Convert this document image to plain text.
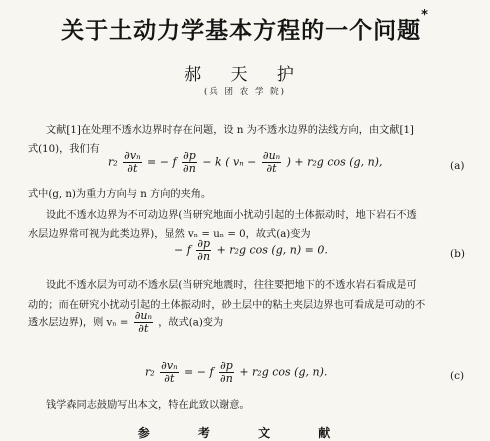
关于土动力学基本方程的一个问题*
郝 天 护
(兵 团 农 学 院)
文献[1]在处理不透水边界时存在问题，设 n 为不透水边界的法线方向，由文献[1]
式(10)，我们有
$r_2 \frac{\text{∂vₙ}}{\partial t}$ = − f $\frac{\partial p}{\partial n} - k$ ( $v_n - \frac{\text{∂uₙ}}{\partial t}$ ) + r₂g cos (g, n),	(a)
式中(g, n)为重力方向与 n 方向的夹角。
设此不透水边界为不可动边界(当研究地面小扰动引起的土体振动时，地下岩石不透
水层边界常可视为此类边界)，显然 vₙ = uₙ = 0，故式(a)变为
− f $\frac{\partial p}{\partial n} + r_2g$ cos (g, n) = 0.	(b)
设此不透水层为可动不透水层(当研究地震时，往往要把地下的不透水岩石看成是可
动的；而在研究小扰动引起的土体振动时，砂土层中的粘土夹层边界也可看成是可动的不
透水层边界)，则 $v_n = \frac{\text{∂uₙ}}{\partial t}$ ，故式(a)变为
$r_2 \frac{\text{∂vₙ}}{\partial t}$ = − f $\frac{\partial p}{\partial n} + r_2g$ cos (g, n).	(c)
钱学森同志鼓励写出本文，特在此致以谢意。
参 考 文 献
